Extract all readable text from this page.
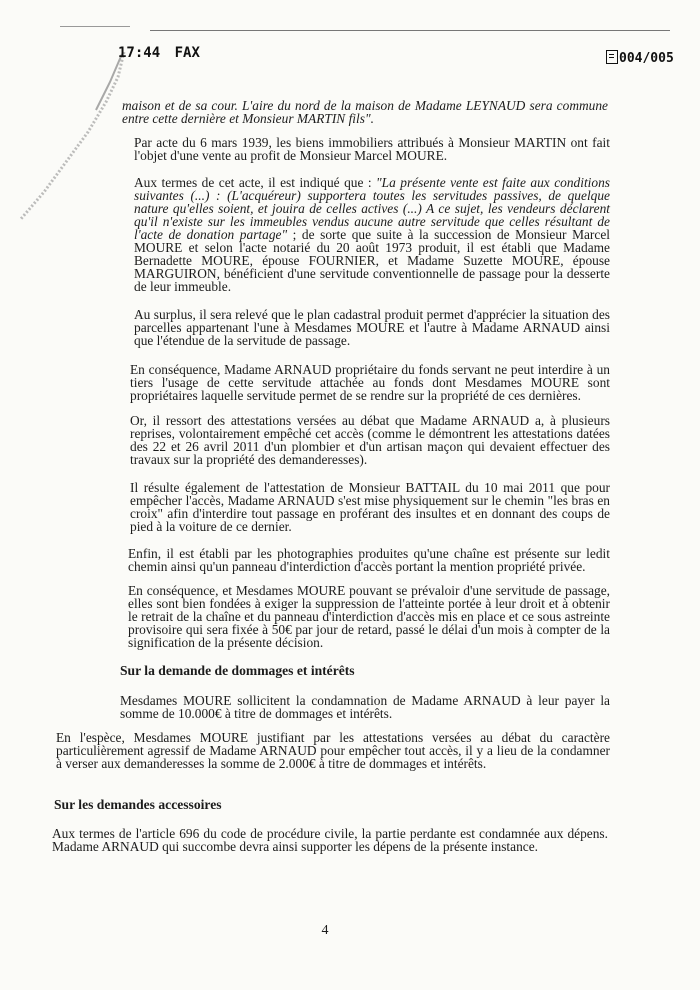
17:44 FAX	004/005

maison et de sa cour. L'aire du nord de la maison de Madame LEYNAUD sera commune entre cette dernière et Monsieur MARTIN fils".

Par acte du 6 mars 1939, les biens immobiliers attribués à Monsieur MARTIN ont fait l'objet d'une vente au profit de Monsieur Marcel MOURE.

Aux termes de cet acte, il est indiqué que : "La présente vente est faite aux conditions suivantes (...) : (L'acquéreur) supportera toutes les servitudes passives, de quelque nature qu'elles soient, et jouira de celles actives (...) A ce sujet, les vendeurs déclarent qu'il n'existe sur les immeubles vendus aucune autre servitude que celles résultant de l'acte de donation partage" ; de sorte que suite à la succession de Monsieur Marcel MOURE et selon l'acte notarié du 20 août 1973 produit, il est établi que Madame Bernadette MOURE, épouse FOURNIER, et Madame Suzette MOURE, épouse MARGUIRON, bénéficient d'une servitude conventionnelle de passage pour la desserte de leur immeuble.

Au surplus, il sera relevé que le plan cadastral produit permet d'apprécier la situation des parcelles appartenant l'une à Mesdames MOURE et l'autre à Madame ARNAUD ainsi que l'étendue de la servitude de passage.

En conséquence, Madame ARNAUD propriétaire du fonds servant ne peut interdire à un tiers l'usage de cette servitude attachée au fonds dont Mesdames MOURE sont propriétaires laquelle servitude permet de se rendre sur la propriété de ces dernières.

Or, il ressort des attestations versées au débat que Madame ARNAUD a, à plusieurs reprises, volontairement empêché cet accès (comme le démontrent les attestations datées des 22 et 26 avril 2011 d'un plombier et d'un artisan maçon qui devaient effectuer des travaux sur la propriété des demanderesses).

Il résulte également de l'attestation de Monsieur BATTAIL du 10 mai 2011 que pour empêcher l'accès, Madame ARNAUD s'est mise physiquement sur le chemin "les bras en croix" afin d'interdire tout passage en proférant des insultes et en donnant des coups de pied à la voiture de ce dernier.

Enfin, il est établi par les photographies produites qu'une chaîne est présente sur ledit chemin ainsi qu'un panneau d'interdiction d'accès portant la mention propriété privée.

En conséquence, et Mesdames MOURE pouvant se prévaloir d'une servitude de passage, elles sont bien fondées à exiger la suppression de l'atteinte portée à leur droit et à obtenir le retrait de la chaîne et du panneau d'interdiction d'accès mis en place et ce sous astreinte provisoire qui sera fixée à 50€ par jour de retard, passé le délai d'un mois à compter de la signification de la présente décision.

Sur la demande de dommages et intérêts

Mesdames MOURE sollicitent la condamnation de Madame ARNAUD à leur payer la somme de 10.000€ à titre de dommages et intérêts.

En l'espèce, Mesdames MOURE justifiant par les attestations versées au débat du caractère particulièrement agressif de Madame ARNAUD pour empêcher tout accès, il y a lieu de la condamner à verser aux demanderesses la somme de 2.000€ à titre de dommages et intérêts.

Sur les demandes accessoires

Aux termes de l'article 696 du code de procédure civile, la partie perdante est condamnée aux dépens. Madame ARNAUD qui succombe devra ainsi supporter les dépens de la présente instance.

4
